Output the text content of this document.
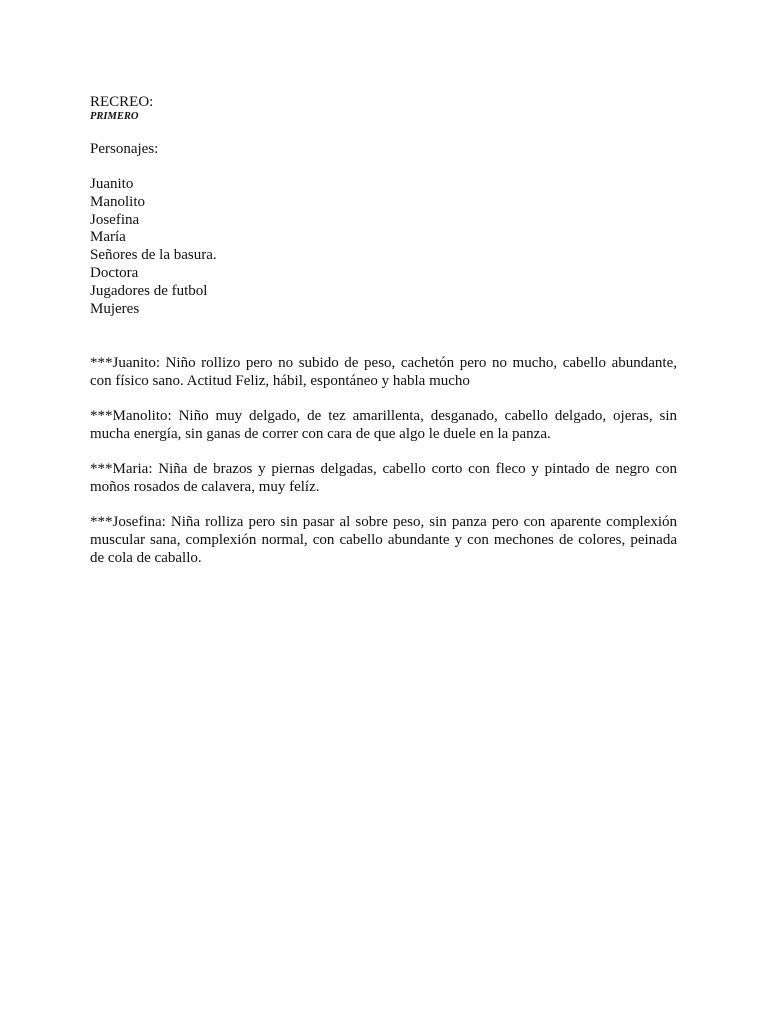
RECREO:

PRIMERO

Personajes:

Juanito
Manolito
Josefina
María
Señores de la basura.
Doctora
Jugadores de futbol
Mujeres

***Juanito: Niño rollizo pero no subido de peso, cachetón pero no mucho, cabello abundante, con físico sano. Actitud Feliz, hábil, espontáneo y habla mucho

***Manolito: Niño muy delgado, de tez amarillenta, desganado, cabello delgado, ojeras, sin mucha energía, sin ganas de correr con cara de que algo le duele en la panza.

***Maria: Niña de brazos y piernas delgadas, cabello corto con fleco y pintado de negro con moños rosados de calavera, muy felíz.

***Josefina: Niña rolliza pero sin pasar al sobre peso, sin panza pero con aparente complexión muscular sana, complexión normal, con cabello abundante y con mechones de colores, peinada de cola de caballo.
